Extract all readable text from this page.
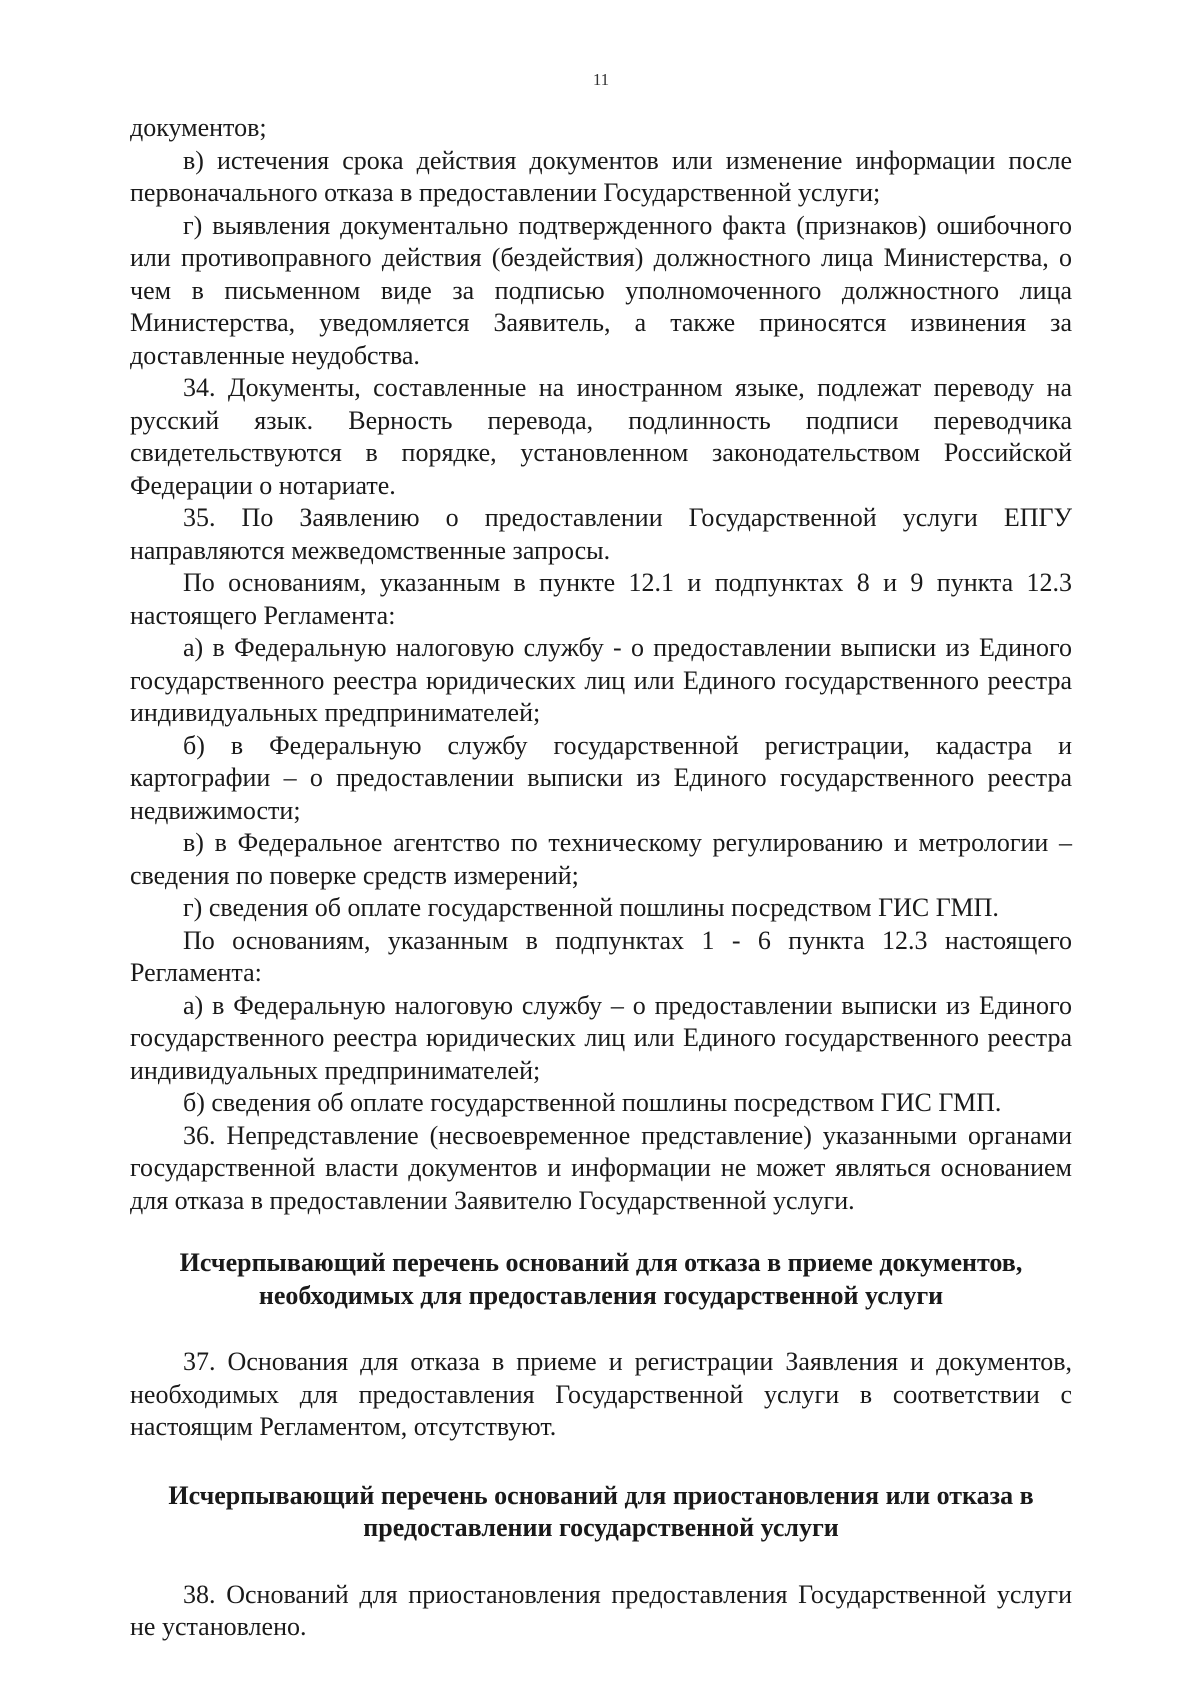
11

документов;

в) истечения срока действия документов или изменение информации после первоначального отказа в предоставлении Государственной услуги;

г) выявления документально подтвержденного факта (признаков) ошибочного или противоправного действия (бездействия) должностного лица Министерства, о чем в письменном виде за подписью уполномоченного должностного лица Министерства, уведомляется Заявитель, а также приносятся извинения за доставленные неудобства.

34. Документы, составленные на иностранном языке, подлежат переводу на русский язык. Верность перевода, подлинность подписи переводчика свидетельствуются в порядке, установленном законодательством Российской Федерации о нотариате.

35. По Заявлению о предоставлении Государственной услуги ЕПГУ направляются межведомственные запросы.

По основаниям, указанным в пункте 12.1 и подпунктах 8 и 9 пункта 12.3 настоящего Регламента:

а) в Федеральную налоговую службу - о предоставлении выписки из Единого государственного реестра юридических лиц или Единого государственного реестра индивидуальных предпринимателей;

б) в Федеральную службу государственной регистрации, кадастра и картографии – о предоставлении выписки из Единого государственного реестра недвижимости;

в) в Федеральное агентство по техническому регулированию и метрологии – сведения по поверке средств измерений;

г) сведения об оплате государственной пошлины посредством ГИС ГМП.

По основаниям, указанным в подпунктах 1 - 6 пункта 12.3 настоящего Регламента:

а) в Федеральную налоговую службу – о предоставлении выписки из Единого государственного реестра юридических лиц или Единого государственного реестра индивидуальных предпринимателей;

б) сведения об оплате государственной пошлины посредством ГИС ГМП.

36. Непредставление (несвоевременное представление) указанными органами государственной власти документов и информации не может являться основанием для отказа в предоставлении Заявителю Государственной услуги.

Исчерпывающий перечень оснований для отказа в приеме документов, необходимых для предоставления государственной услуги

37. Основания для отказа в приеме и регистрации Заявления и документов, необходимых для предоставления Государственной услуги в соответствии с настоящим Регламентом, отсутствуют.

Исчерпывающий перечень оснований для приостановления или отказа в предоставлении государственной услуги

38. Оснований для приостановления предоставления Государственной услуги не установлено.
